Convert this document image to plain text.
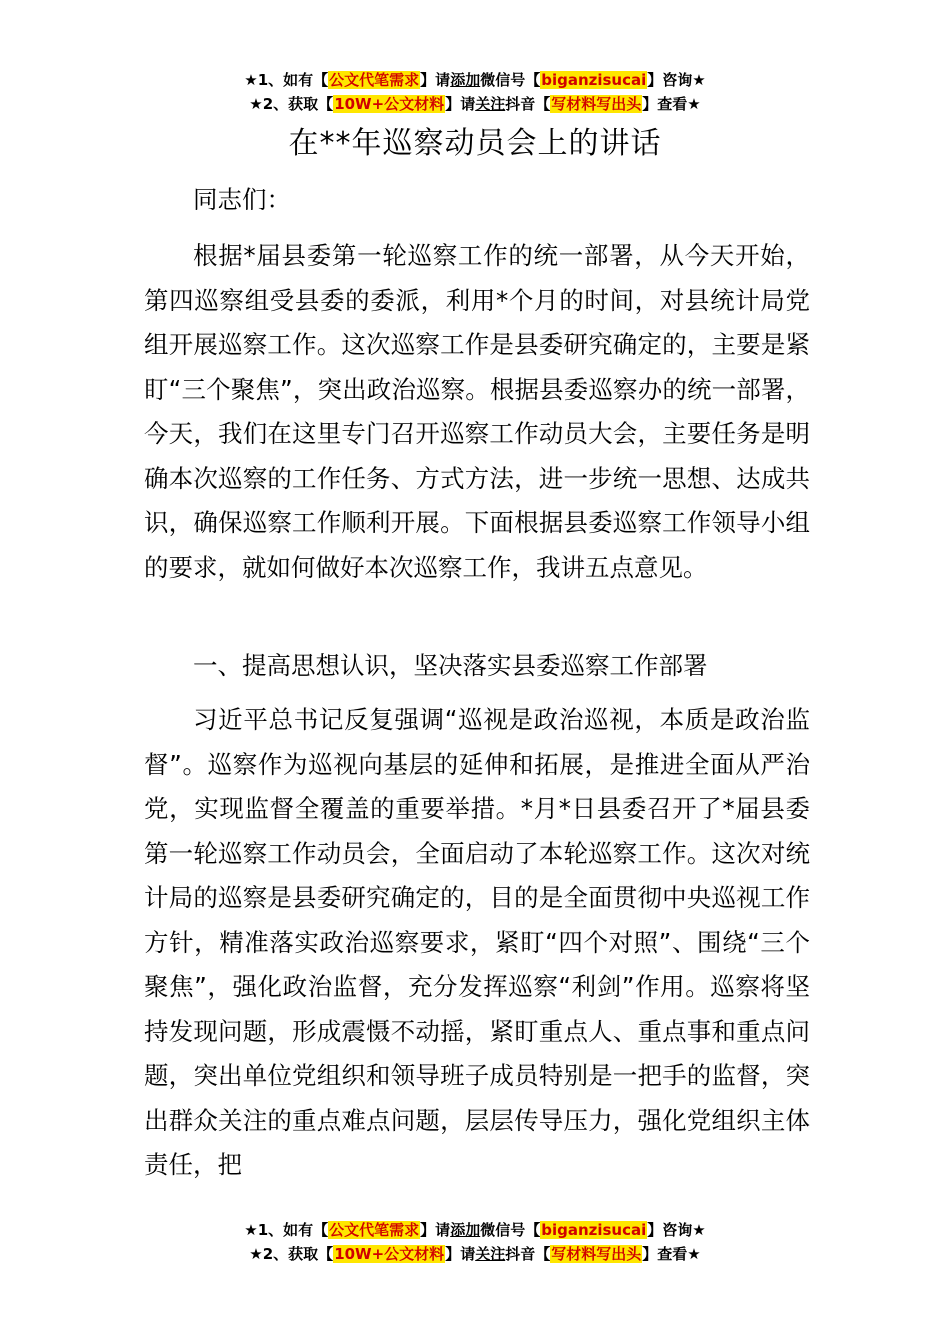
★1、如有【公文代笔需求】请添加微信号【biganzisucai】咨询★
★2、获取【10W+公文材料】请关注抖音【写材料写出头】查看★
在**年巡察动员会上的讲话

同志们：

根据*届县委第一轮巡察工作的统一部署，从今天开始，第四巡察组受县委的委派，利用*个月的时间，对县统计局党组开展巡察工作。这次巡察工作是县委研究确定的，主要是紧盯“三个聚焦”，突出政治巡察。根据县委巡察办的统一部署，今天，我们在这里专门召开巡察工作动员大会，主要任务是明确本次巡察的工作任务、方式方法，进一步统一思想、达成共识，确保巡察工作顺利开展。下面根据县委巡察工作领导小组的要求，就如何做好本次巡察工作，我讲五点意见。

一、提高思想认识，坚决落实县委巡察工作部署

习近平总书记反复强调“巡视是政治巡视，本质是政治监督”。巡察作为巡视向基层的延伸和拓展，是推进全面从严治党，实现监督全覆盖的重要举措。*月*日县委召开了*届县委第一轮巡察工作动员会，全面启动了本轮巡察工作。这次对统计局的巡察是县委研究确定的，目的是全面贯彻中央巡视工作方针，精准落实政治巡察要求，紧盯“四个对照”、围绕“三个聚焦”，强化政治监督，充分发挥巡察“利剑”作用。巡察将坚持发现问题，形成震慑不动摇，紧盯重点人、重点事和重点问题，突出单位党组织和领导班子成员特别是一把手的监督，突出群众关注的重点难点问题，层层传导压力，强化党组织主体责任，把

★1、如有【公文代笔需求】请添加微信号【biganzisucai】咨询★
★2、获取【10W+公文材料】请关注抖音【写材料写出头】查看★
